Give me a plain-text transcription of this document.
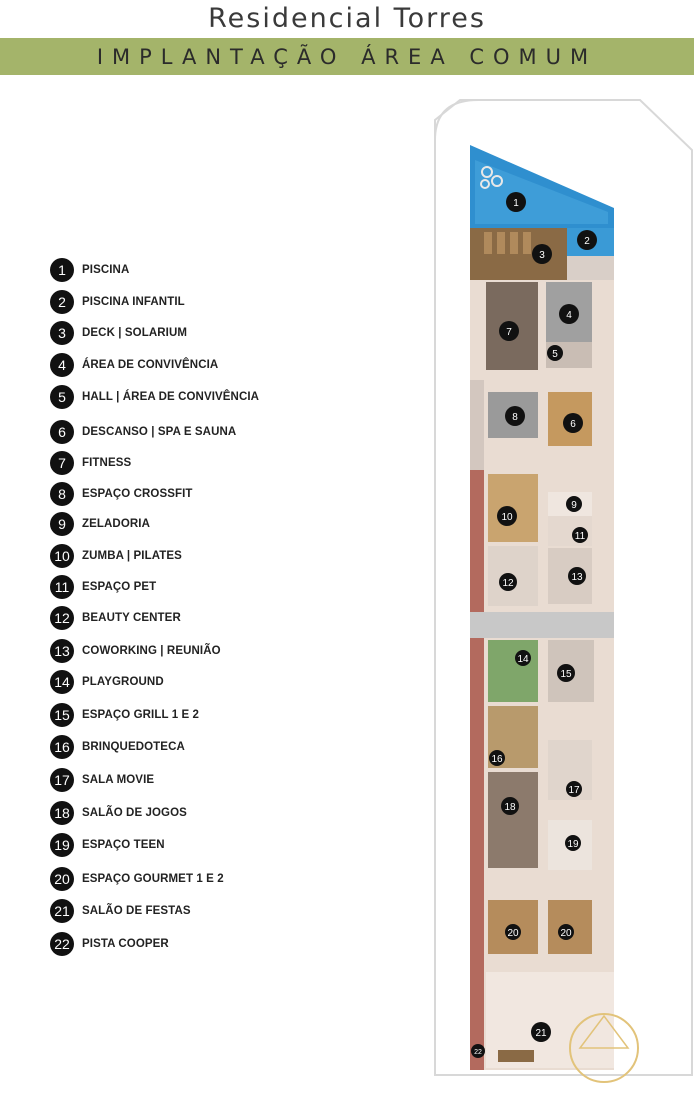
Residencial Torres
IMPLANTAÇÃO ÁREA COMUM
1	PISCINA
2	PISCINA INFANTIL
3	DECK | SOLARIUM
4	ÁREA DE CONVIVÊNCIA
5	HALL | ÁREA DE CONVIVÊNCIA
6	DESCANSO | SPA E SAUNA
7	FITNESS
8	ESPAÇO CROSSFIT
9	ZELADORIA
10	ZUMBA | PILATES
11	ESPAÇO PET
12	BEAUTY CENTER
13	COWORKING | REUNIÃO
14	PLAYGROUND
15	ESPAÇO GRILL 1 E 2
16	BRINQUEDOTECA
17	SALA MOVIE
18	SALÃO DE JOGOS
19	ESPAÇO TEEN
20	ESPAÇO GOURMET 1 E 2
21	SALÃO DE FESTAS
22	PISTA COOPER
1
2
3
4
5
6
7
8
9
10
11
12
13
14
15
16
17
18
19
20	20
21
22
